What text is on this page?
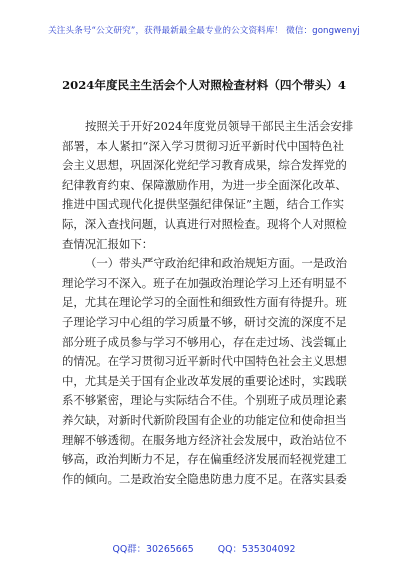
关注头条号“公文研究”，获得最新最全最专业的公文资料库！ 微信：gongwenyj
2024年度民主生活会个人对照检查材料（四个带头）4
按照关于开好2024年度党员领导干部民主生活会安排
部署，本人紧扣“深入学习贯彻习近平新时代中国特色社
会主义思想，巩固深化党纪学习教育成果，综合发挥党的
纪律教育约束、保障激励作用，为进一步全面深化改革、
推进中国式现代化提供坚强纪律保证”主题，结合工作实
际，深入查找问题，认真进行对照检查。现将个人对照检
查情况汇报如下：
（一）带头严守政治纪律和政治规矩方面。一是政治
理论学习不深入。班子在加强政治理论学习上还有明显不
足，尤其在理论学习的全面性和细致性方面有待提升。班
子理论学习中心组的学习质量不够，研讨交流的深度不足
部分班子成员参与学习不够用心，存在走过场、浅尝辄止
的情况。在学习贯彻习近平新时代中国特色社会主义思想
中，尤其是关于国有企业改革发展的重要论述时，实践联
系不够紧密，理论与实际结合不佳。个别班子成员理论素
养欠缺，对新时代新阶段国有企业的功能定位和使命担当
理解不够透彻。在服务地方经济社会发展中，政治站位不
够高，政治判断力不足，存在偏重经济发展而轻视党建工
作的倾向。二是政治安全隐患防患力度不足。在落实县委
QQ群：30265665	QQ：535304092
